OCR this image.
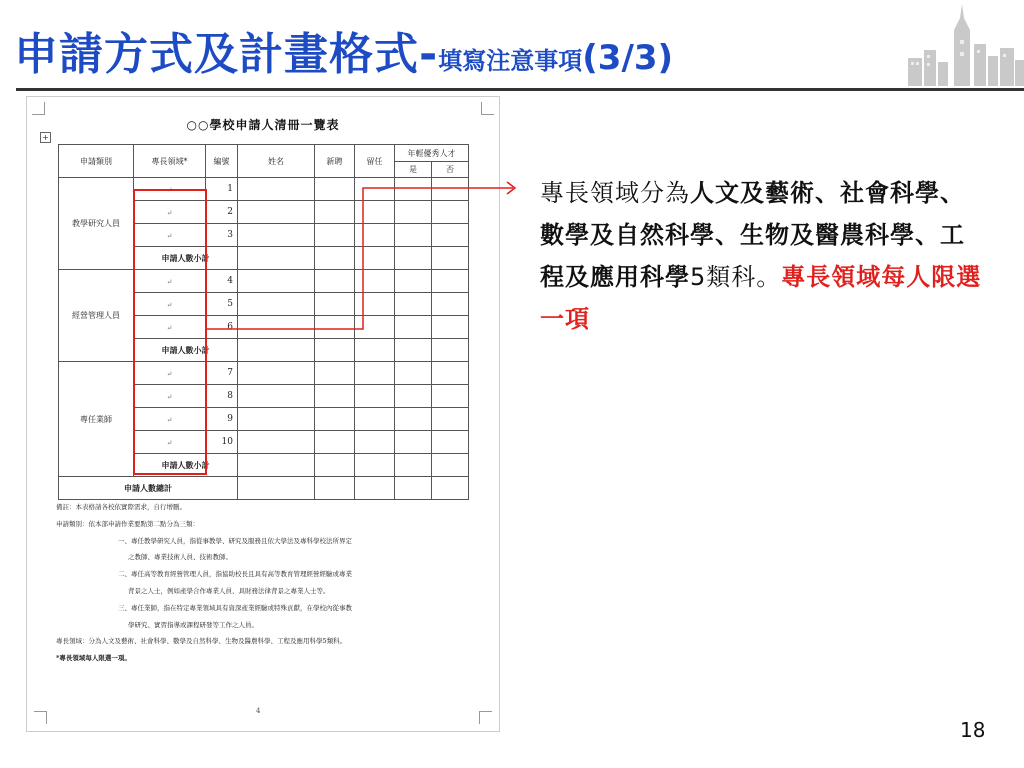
申請方式及計畫格式-填寫注意事項(3/3)
+
○○學校申請人清冊一覽表
申請類別	專長領域*	編號	姓名	新聘	留任	年輕優秀人才	
						是	否
教學研究人員	↵	1					
	↵	2					
	↵	3					
	申請人數小計						
經營管理人員	↵	4					
	↵	5					
	↵	6					
	申請人數小計						
專任業師	↵	7					
	↵	8					
	↵	9					
	↵	10					
	申請人數小計						
申請人數總計							
備註：本表格請各校依實際需求，自行增刪。
申請類別：依本部申請作業要點第二點分為三類：
一、專任教學研究人員，指從事教學、研究及服務且依大學法及專科學校法所界定
之教師、專業技術人員、技術教師。
二、專任高等教育經營管理人員，指協助校長且具有高等教育管理經營經驗或專業
背景之人士，例如產學合作專業人員、具財務法律背景之專業人士等。
三、專任業師，指在特定專業領域具有資深產業經驗或特殊貢獻，在學校內從事教
學研究、實習指導或課程研發等工作之人員。
專長領域：分為人文及藝術、社會科學、數學及自然科學、生物及醫農科學、工程及應用科學5類科。
*專長領域每人限選一項。
4
專長領域分為人文及藝術、社會科學、數學及自然科學、生物及醫農科學、工程及應用科學5類科。專長領域每人限選一項
18
